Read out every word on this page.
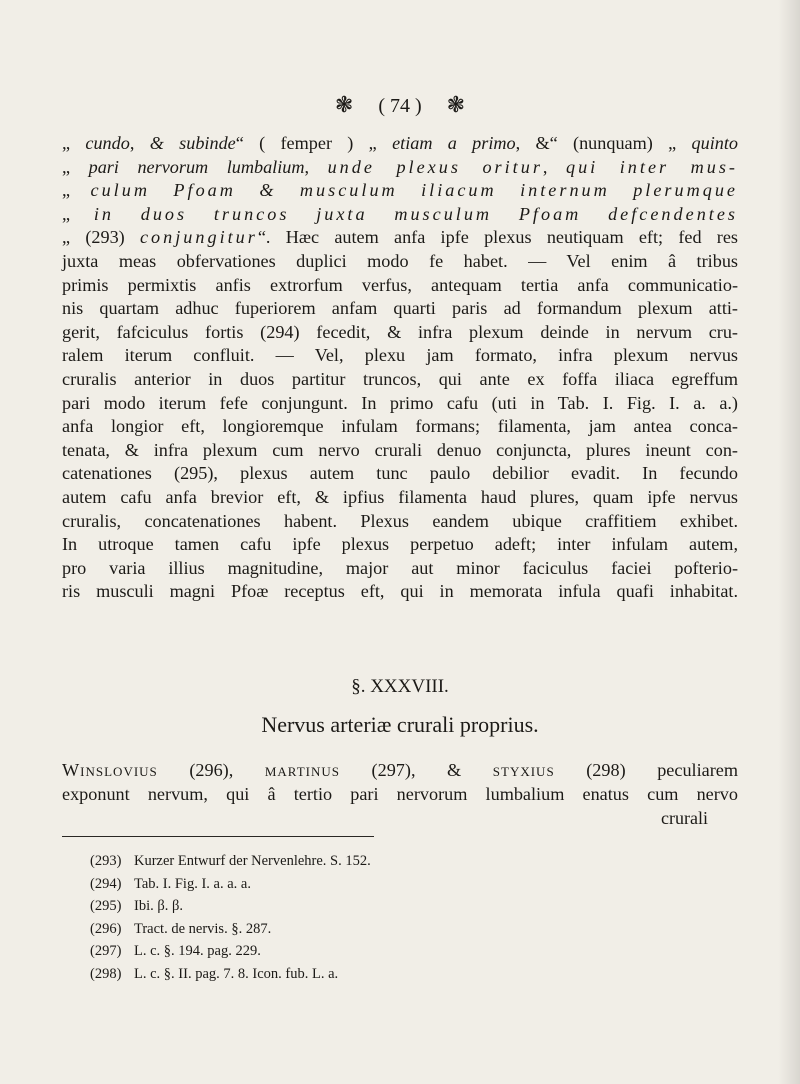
❃ ( 74 ) ❃
„ cundo, & subinde“ ( femper ) „ etiam a primo, &“ (nunquam) „ quinto
„ pari nervorum lumbalium, unde plexus oritur, qui inter mus-
„ culum Pfoam & musculum iliacum internum plerumque
„ in duos truncos juxta musculum Pfoam defcendentes
„ (293) conjungitur“. Hæc autem anfa ipfe plexus neutiquam eft; fed res
juxta meas obfervationes duplici modo fe habet. — Vel enim â tribus
primis permixtis anfis extrorfum verfus, antequam tertia anfa communicatio-
nis quartam adhuc fuperiorem anfam quarti paris ad formandum plexum atti-
gerit, fafciculus fortis (294) fecedit, & infra plexum deinde in nervum cru-
ralem iterum confluit. — Vel, plexu jam formato, infra plexum nervus
cruralis anterior in duos partitur truncos, qui ante ex foffa iliaca egreffum
pari modo iterum fefe conjungunt. In primo cafu (uti in Tab. I. Fig. I. a. a.)
anfa longior eft, longioremque infulam formans; filamenta, jam antea conca-
tenata, & infra plexum cum nervo crurali denuo conjuncta, plures ineunt con-
catenationes (295), plexus autem tunc paulo debilior evadit. In fecundo
autem cafu anfa brevior eft, & ipfius filamenta haud plures, quam ipfe nervus
cruralis, concatenationes habent. Plexus eandem ubique craffitiem exhibet.
In utroque tamen cafu ipfe plexus perpetuo adeft; inter infulam autem,
pro varia illius magnitudine, major aut minor faciculus faciei pofterio-
ris musculi magni Pfoæ receptus eft, qui in memorata infula quafi inhabitat.
§. XXXVIII.
Nervus arteriæ crurali proprius.
Winslovius (296), martinus (297), & styxius (298) peculiarem
exponunt nervum, qui â tertio pari nervorum lumbalium enatus cum nervo
crurali
(293) Kurzer Entwurf der Nervenlehre. S. 152.
(294) Tab. I. Fig. I. a. a. a.
(295) Ibi. β. β.
(296) Tract. de nervis. §. 287.
(297) L. c. §. 194. pag. 229.
(298) L. c. §. II. pag. 7. 8. Icon. fub. L. a.
